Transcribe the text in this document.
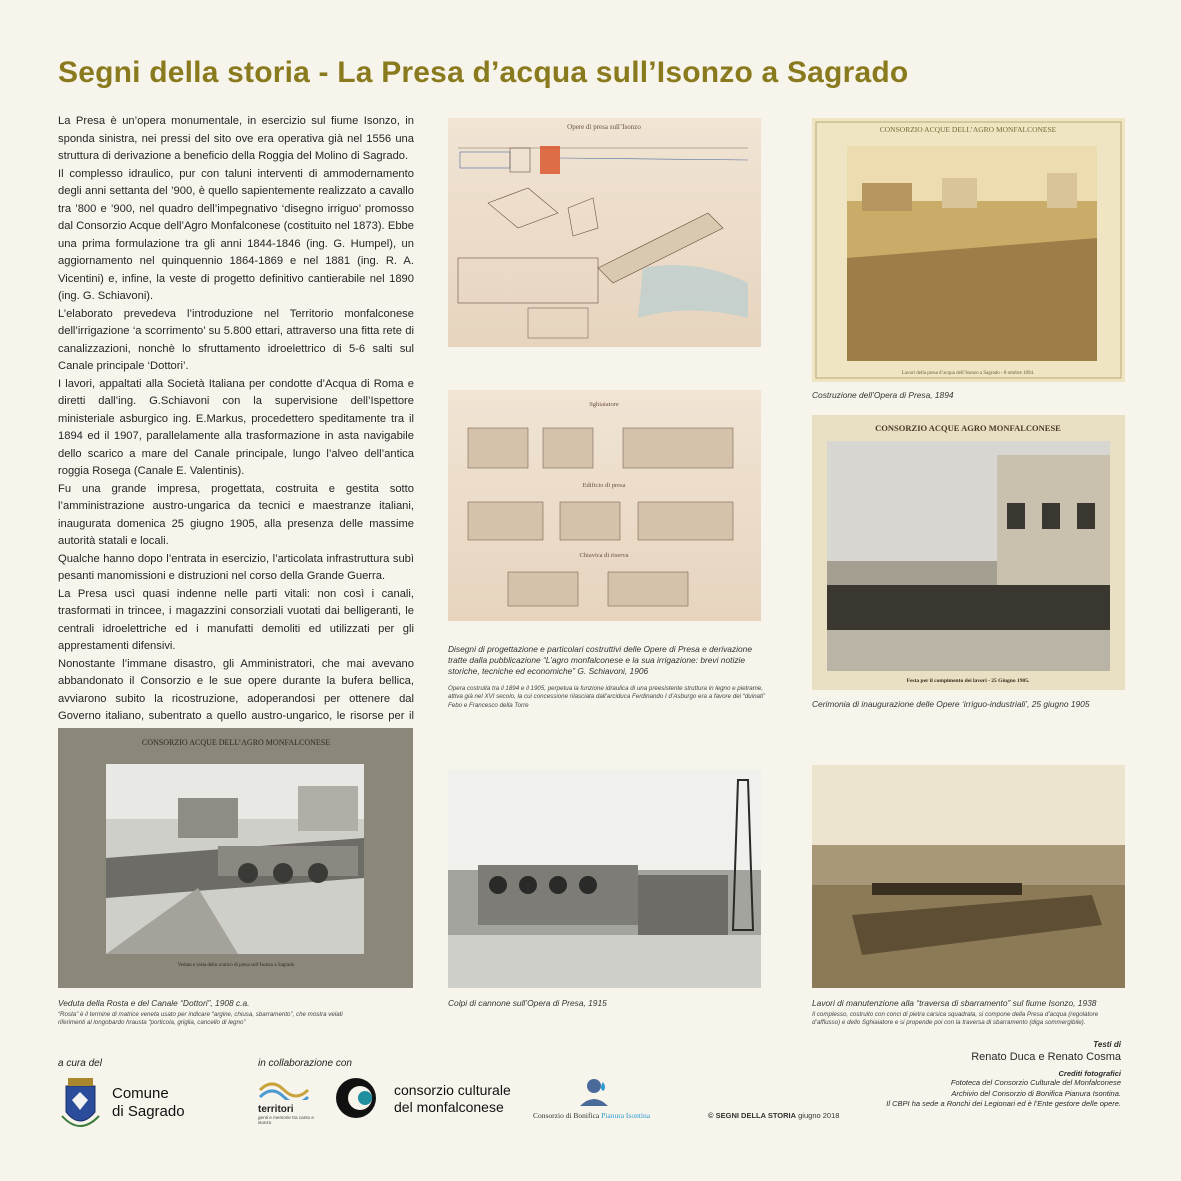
Segni della storia - La Presa d’acqua sull’Isonzo a Sagrado

La Presa è un’opera monumentale, in esercizio sul fiume Isonzo, in sponda sinistra, nei pressi del sito ove era operativa già nel 1556 una struttura di derivazione a beneficio della Roggia del Molino di Sagrado.

Il complesso idraulico, pur con taluni interventi di ammodernamento degli anni settanta del ’900, è quello sapientemente realizzato a cavallo tra ’800 e ’900, nel quadro dell’impegnativo ‘disegno irriguo’ promosso dal Consorzio Acque dell’Agro Monfalconese (costituito nel 1873). Ebbe una prima formulazione tra gli anni 1844-1846 (ing. G. Humpel), un aggiornamento nel quinquennio 1864-1869 e nel 1881 (ing. R. A. Vicentini) e, infine, la veste di progetto definitivo cantierabile nel 1890 (ing. G. Schiavoni).

L’elaborato prevedeva l’introduzione nel Territorio monfalconese dell’irrigazione ‘a scorrimento’ su 5.800 ettari, attraverso una fitta rete di canalizzazioni, nonchè lo sfruttamento idroelettrico di 5-6 salti sul Canale principale ‘Dottori’.

I lavori, appaltati alla Società Italiana per condotte d’Acqua di Roma e diretti dall’ing. G.Schiavoni con la supervisione dell’Ispettore ministeriale asburgico ing. E.Markus, procedettero speditamente tra il 1894 ed il 1907, parallelamente alla trasformazione in asta navigabile dello scarico a mare del Canale principale, lungo l’alveo dell’antica roggia Rosega (Canale E. Valentinis).

Fu una grande impresa, progettata, costruita e gestita sotto l’amministrazione austro-ungarica da tecnici e maestranze italiani, inaugurata domenica 25 giugno 1905, alla presenza delle massime autorità statali e locali.

Qualche hanno dopo l’entrata in esercizio, l’articolata infrastruttura subì pesanti manomissioni e distruzioni nel corso della Grande Guerra.

La Presa uscì quasi indenne nelle parti vitali: non così i canali, trasformati in trincee, i magazzini consorziali vuotati dai belligeranti, le centrali idroelettriche ed i manufatti demoliti ed utilizzati per gli apprestamenti difensivi.

Nonostante l’immane disastro, gli Amministratori, che mai avevano abbandonato il Consorzio e le sue opere durante la bufera bellica, avviarono subito la ricostruzione, adoperandosi per ottenere dal Governo italiano, subentrato a quello austro-ungarico, le risorse per il

Opere di presa sull’Isonzo
Sghiaiatore
Edificio di presa
Chiavica di riserva
Disegni di progettazione e particolari costruttivi delle Opere di Presa e derivazione tratte dalla pubblicazione “L’agro monfalconese e la sua irrigazione: brevi notizie storiche, tecniche ed economiche” G. Schiavoni, 1906
Opera costruita tra il 1894 e il 1905, perpetua la funzione idraulica di una preesistente struttura in legno e pietrame, attiva già nel XVI secolo, la cui concessione rilasciata dall’arciduca Ferdinando I d’Asburgo era a favore dei “duinati” Febo e Francesco della Torre
CONSORZIO ACQUE DELL’AGRO MONFALCONESE
Lavori della presa d’acqua dell’Isonzo a Sagrado - 8 ottobre 1894.
Costruzione dell’Opera di Presa, 1894
CONSORZIO ACQUE AGRO MONFALCONESE
Festa per il compimento dei lavori - 25 Giugno 1905.
Cerimonia di inaugurazione delle Opere ‘irriguo-industriali’, 25 giugno 1905
CONSORZIO ACQUE DELL’AGRO MONFALCONESE
Veduta e rosta dello scarico di presa sull’Isonzo a Sagrado
Veduta della Rosta e del Canale “Dottori”, 1908 c.a.
“Rosta” è il termine di matrice veneta usato per indicare “argine, chiusa, sbarramento”, che mostra velati riferimenti al longobardo hrausta “porticola, griglia, cancello di legno”
Colpi di cannone sull’Opera di Presa, 1915	Lavori di manutenzione alla “traversa di sbarramento” sul fiume Isonzo, 1938
Il complesso, costruito con conci di pietra carsica squadrata, si compone della Presa d’acqua (regolatore d’afflusso) e dello Sghiaiatore e si propende poi con la traversa di sbarramento (diga sommergibile).
a cura del
Comune
di Sagrado
in collaborazione con
territori
genti e memorie tra carso e isonzo
consorzio culturale
del monfalconese
Consorzio di Bonifica Pianura Isontina	© SEGNI DELLA STORIA giugno 2018
Testi di
Renato Duca e Renato Cosma
Crediti fotografici
Fototeca del Consorzio Culturale del Monfalconese
Archivio del Consorzio di Bonifica Pianura Isontina.
Il CBPI ha sede a Ronchi dei Legionari ed è l’Ente gestore delle opere.
